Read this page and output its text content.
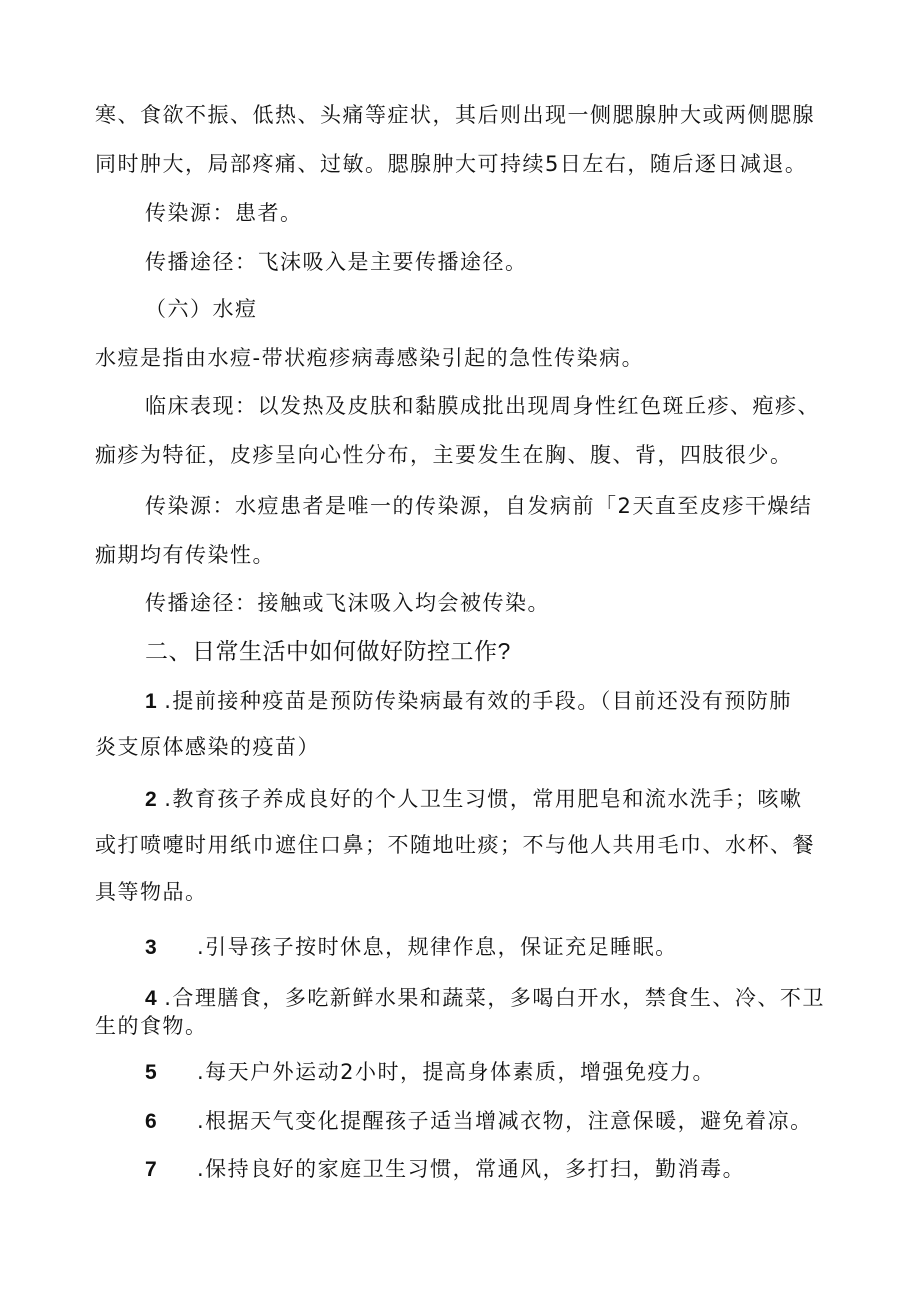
寒、食欲不振、低热、头痛等症状，其后则出现一侧腮腺肿大或两侧腮腺
同时肿大，局部疼痛、过敏。腮腺肿大可持续5日左右，随后逐日减退。
传染源：患者。
传播途径：飞沫吸入是主要传播途径。
（六）水痘
水痘是指由水痘-带状疱疹病毒感染引起的急性传染病。
临床表现：以发热及皮肤和黏膜成批出现周身性红色斑丘疹、疱疹、
痂疹为特征，皮疹呈向心性分布，主要发生在胸、腹、背，四肢很少。
传染源：水痘患者是唯一的传染源，自发病前「2天直至皮疹干燥结
痂期均有传染性。
传播途径：接触或飞沫吸入均会被传染。
二、日常生活中如何做好防控工作?
1 .提前接种疫苗是预防传染病最有效的手段。（目前还没有预防肺
炎支原体感染的疫苗）
2 .教育孩子养成良好的个人卫生习惯，常用肥皂和流水洗手；咳嗽
或打喷嚏时用纸巾遮住口鼻；不随地吐痰；不与他人共用毛巾、水杯、餐
具等物品。
3 .引导孩子按时休息，规律作息，保证充足睡眠。
4 .合理膳食，多吃新鲜水果和蔬菜，多喝白开水，禁食生、冷、不卫
生的食物。
5 .每天户外运动2小时，提高身体素质，增强免疫力。
6 .根据天气变化提醒孩子适当增减衣物，注意保暖，避免着凉。
7 .保持良好的家庭卫生习惯，常通风，多打扫，勤消毒。
